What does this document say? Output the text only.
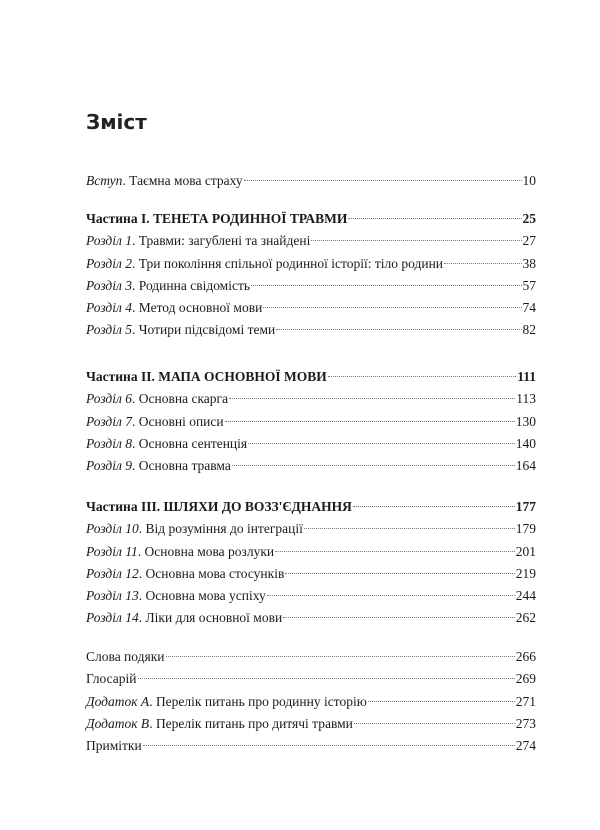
Зміст
Вступ. Таємна мова страху	10
Частина І. ТЕНЕТА РОДИННОЇ ТРАВМИ	25
Розділ 1. Травми: загублені та знайдені	27
Розділ 2. Три покоління спільної родинної історії: тіло родини	38
Розділ 3. Родинна свідомість	57
Розділ 4. Метод основної мови	74
Розділ 5. Чотири підсвідомі теми	82
Частина ІІ. МАПА ОСНОВНОЇ МОВИ	111
Розділ 6. Основна скарга	113
Розділ 7. Основні описи	130
Розділ 8. Основна сентенція	140
Розділ 9. Основна травма	164
Частина ІІІ. ШЛЯХИ ДО ВОЗЗ'ЄДНАННЯ	177
Розділ 10. Від розуміння до інтеграції	179
Розділ 11. Основна мова розлуки	201
Розділ 12. Основна мова стосунків	219
Розділ 13. Основна мова успіху	244
Розділ 14. Ліки для основної мови	262
Слова подяки	266
Глосарій	269
Додаток А. Перелік питань про родинну історію	271
Додаток В. Перелік питань про дитячі травми	273
Примітки	274
